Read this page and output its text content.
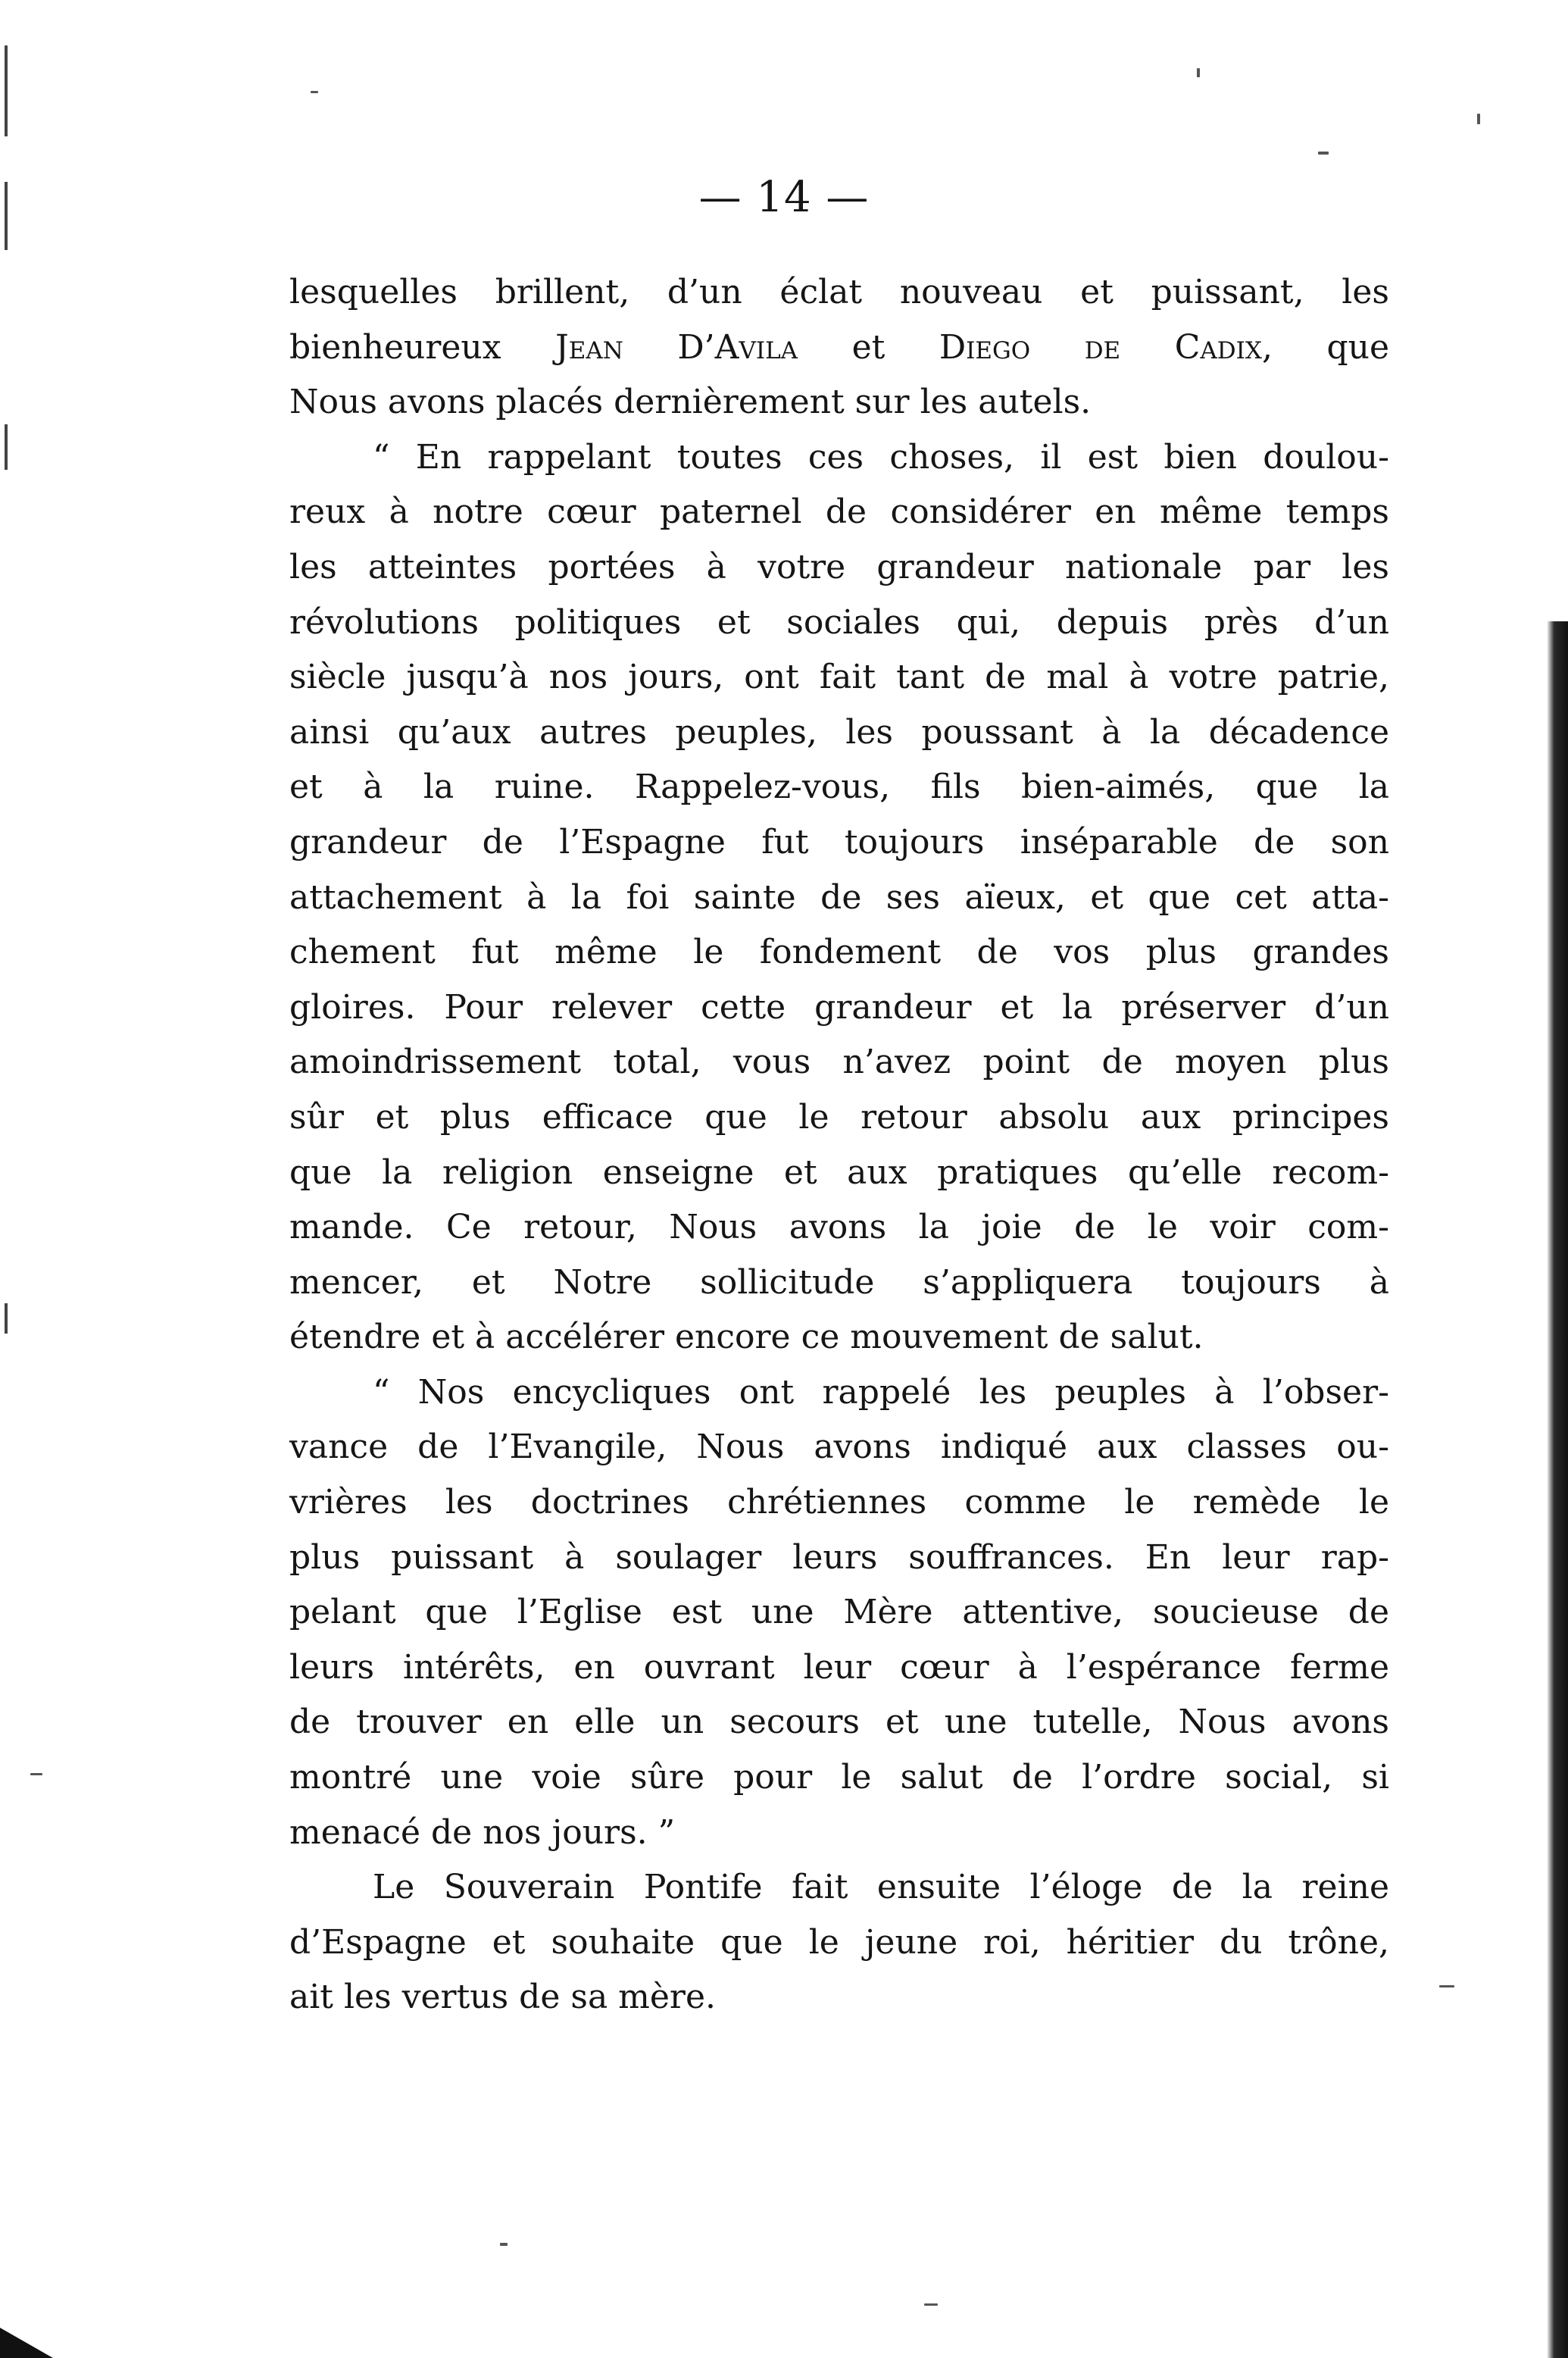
— 14 —
lesquelles brillent, d’un éclat nouveau et puissant, les
bienheureux Jean D’Avila et Diego de Cadix, que
Nous avons placés dernièrement sur les autels.
“ En rappelant toutes ces choses, il est bien doulou-
reux à notre cœur paternel de considérer en même temps
les atteintes portées à votre grandeur nationale par les
révolutions politiques et sociales qui, depuis près d’un
siècle jusqu’à nos jours, ont fait tant de mal à votre patrie,
ainsi qu’aux autres peuples, les poussant à la décadence
et à la ruine. Rappelez-vous, fils bien-aimés, que la
grandeur de l’Espagne fut toujours inséparable de son
attachement à la foi sainte de ses aïeux, et que cet atta-
chement fut même le fondement de vos plus grandes
gloires. Pour relever cette grandeur et la préserver d’un
amoindrissement total, vous n’avez point de moyen plus
sûr et plus efficace que le retour absolu aux principes
que la religion enseigne et aux pratiques qu’elle recom-
mande. Ce retour, Nous avons la joie de le voir com-
mencer, et Notre sollicitude s’appliquera toujours à
étendre et à accélérer encore ce mouvement de salut.
“ Nos encycliques ont rappelé les peuples à l’obser-
vance de l’Evangile, Nous avons indiqué aux classes ou-
vrières les doctrines chrétiennes comme le remède le
plus puissant à soulager leurs souffrances. En leur rap-
pelant que l’Eglise est une Mère attentive, soucieuse de
leurs intérêts, en ouvrant leur cœur à l’espérance ferme
de trouver en elle un secours et une tutelle, Nous avons
montré une voie sûre pour le salut de l’ordre social, si
menacé de nos jours. ”
Le Souverain Pontife fait ensuite l’éloge de la reine
d’Espagne et souhaite que le jeune roi, héritier du trône,
ait les vertus de sa mère.
